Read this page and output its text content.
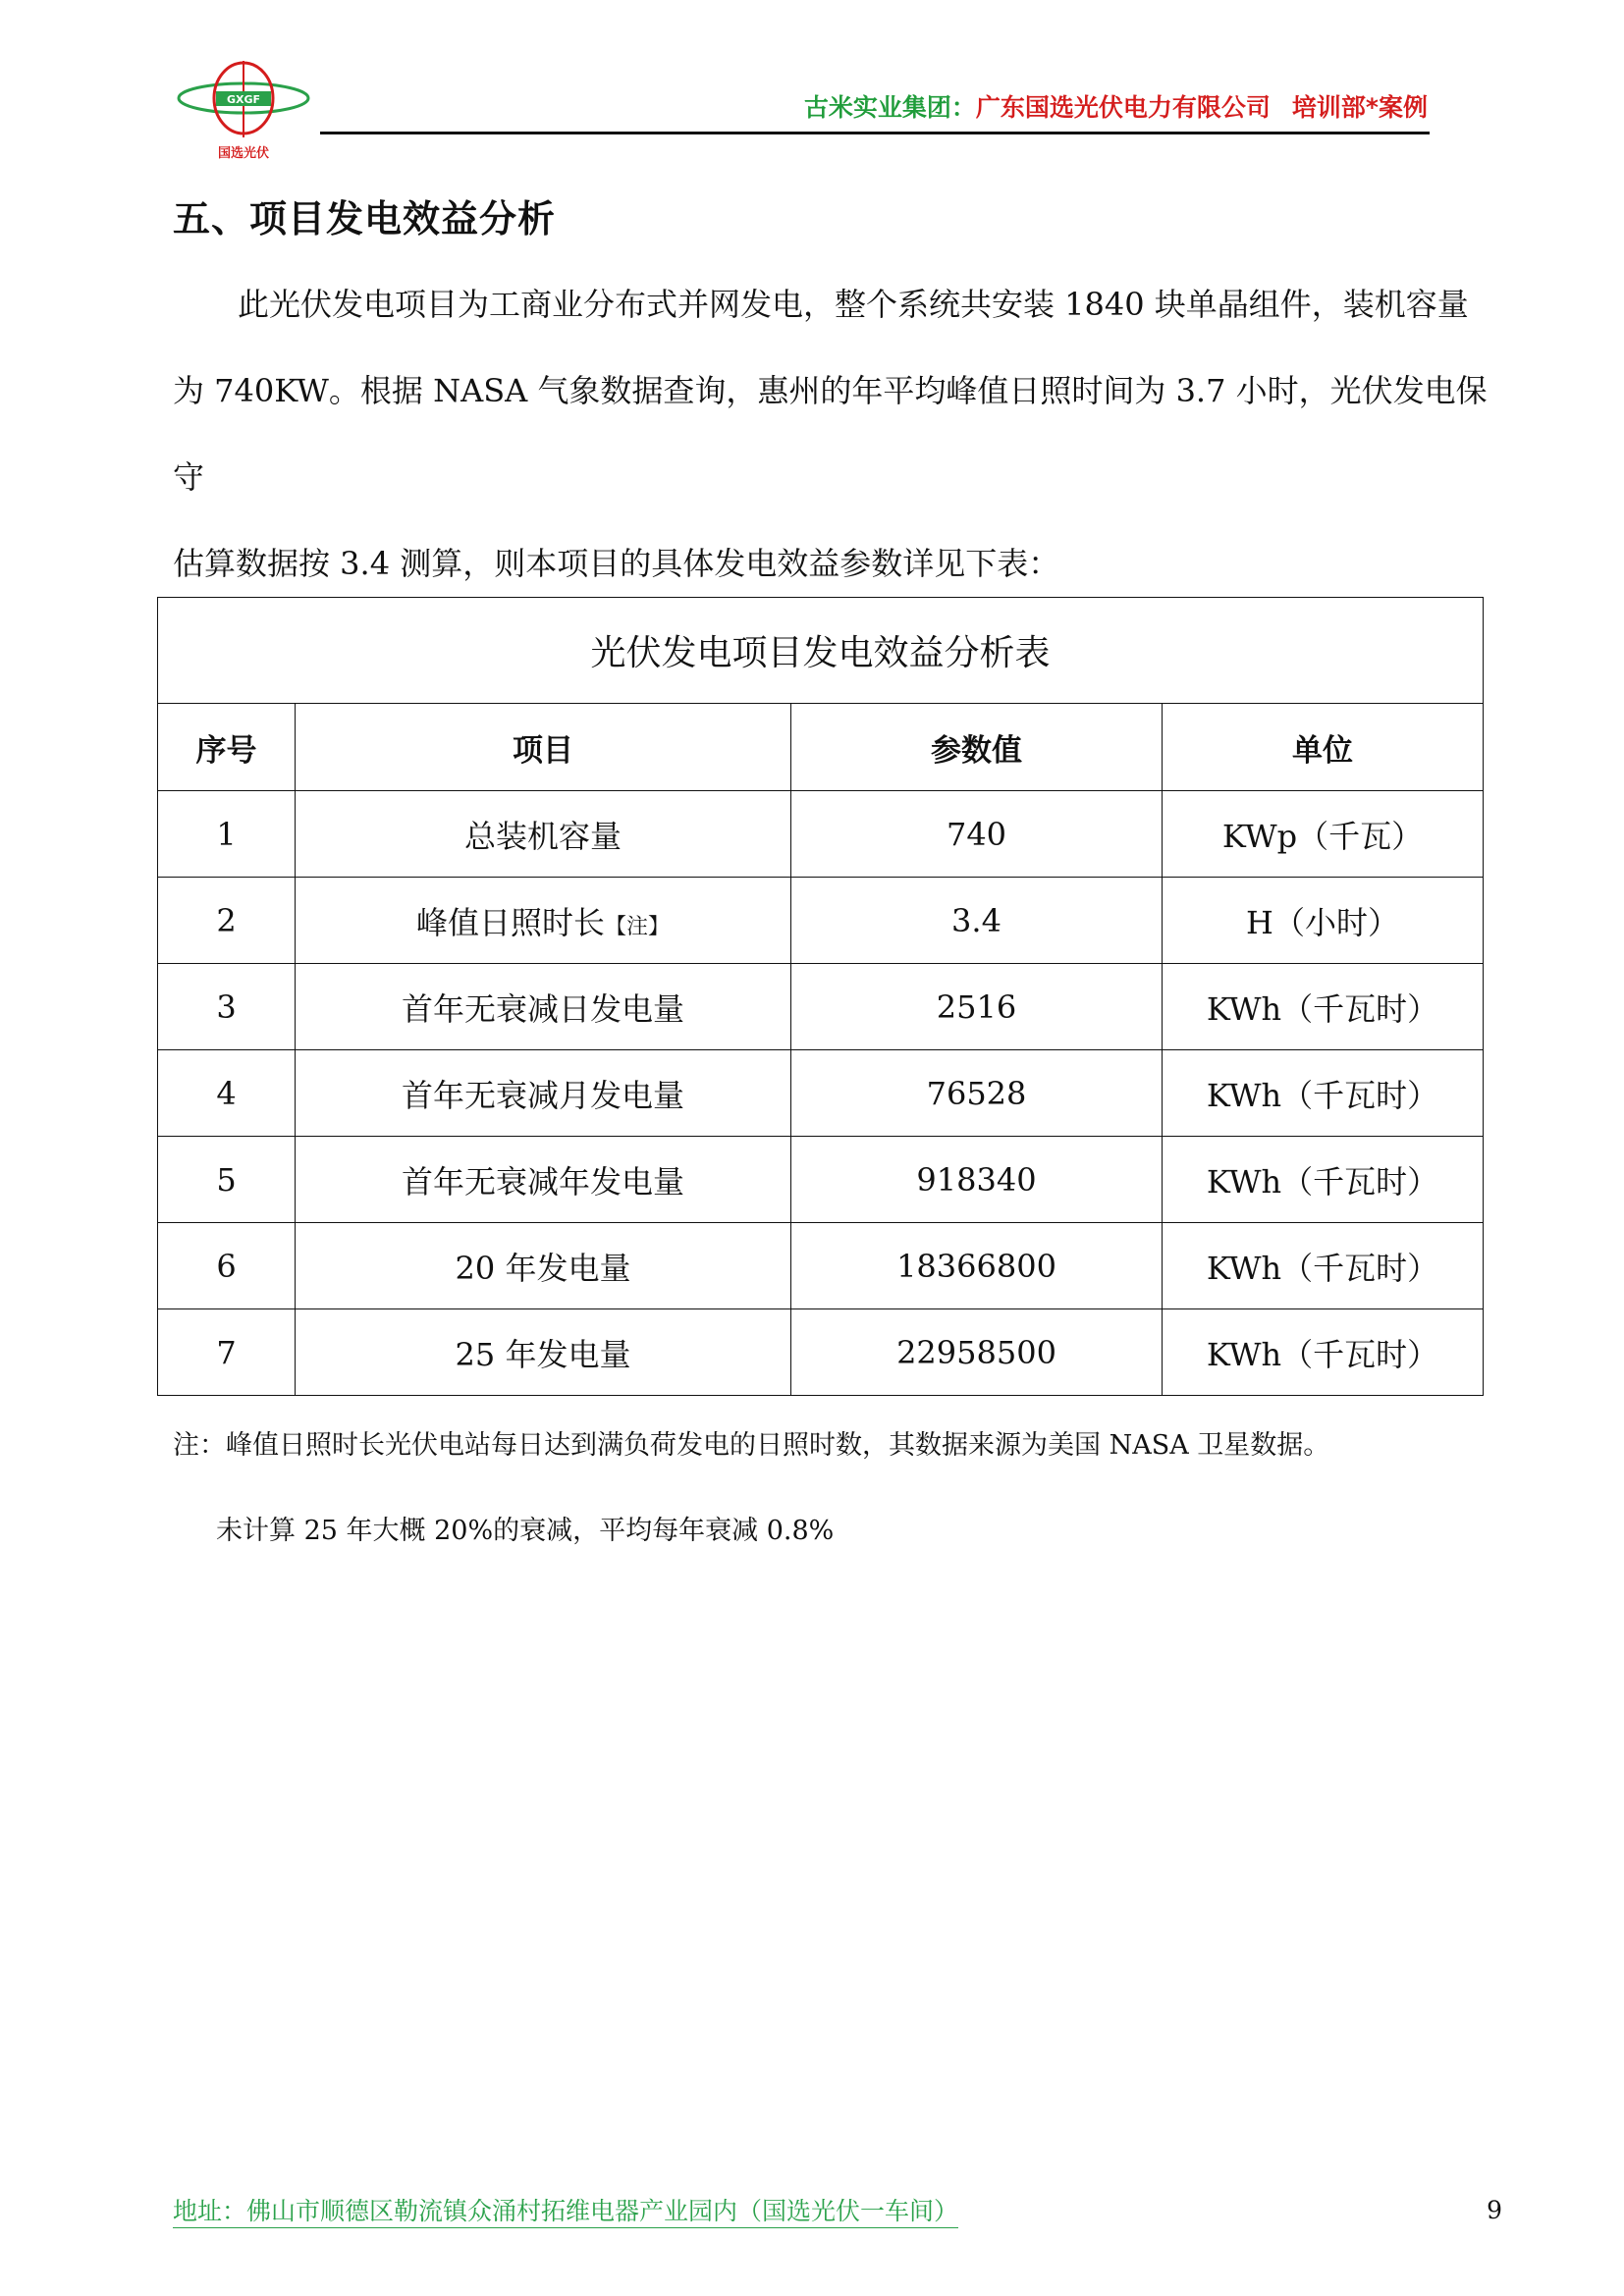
GXGF
国选光伏
古米实业集团：广东国选光伏电力有限公司 培训部*案例
五、项目发电效益分析

此光伏发电项目为工商业分布式并网发电，整个系统共安装 1840 块单晶组件，装机容量

为 740KW。根据 NASA 气象数据查询，惠州的年平均峰值日照时间为 3.7 小时，光伏发电保守

估算数据按 3.4 测算，则本项目的具体发电效益参数详见下表：

光伏发电项目发电效益分析表			
序号	项目	参数值	单位
1	总装机容量	740	KWp（千瓦）
2	峰值日照时长【注】	3.4	H（小时）
3	首年无衰减日发电量	2516	KWh（千瓦时）
4	首年无衰减月发电量	76528	KWh（千瓦时）
5	首年无衰减年发电量	918340	KWh（千瓦时）
6	20 年发电量	18366800	KWh（千瓦时）
7	25 年发电量	22958500	KWh（千瓦时）
注：峰值日照时长光伏电站每日达到满负荷发电的日照时数，其数据来源为美国 NASA 卫星数据。
未计算 25 年大概 20%的衰减，平均每年衰减 0.8%
地址：佛山市顺德区勒流镇众涌村拓维电器产业园内（国选光伏一车间）	9
